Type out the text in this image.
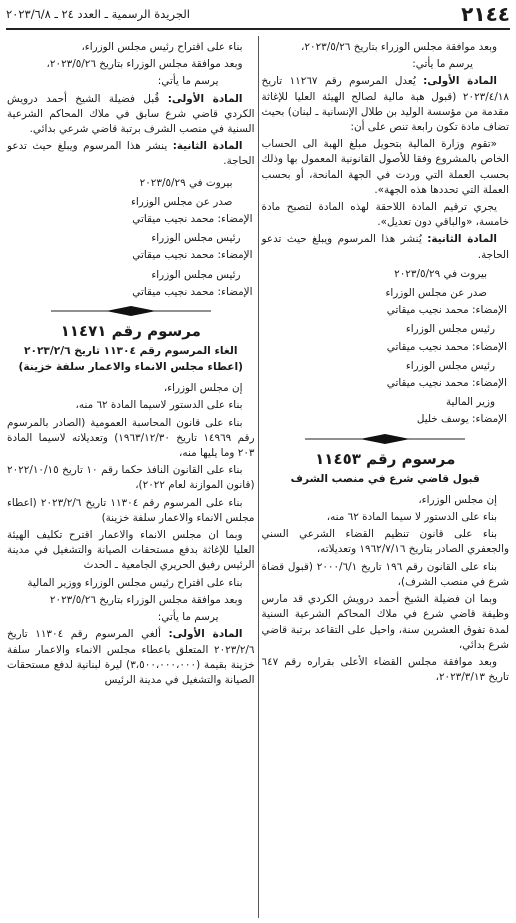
٢١٤٤
الجريدة الرسمية ـ العدد ٢٤ ـ ٢٠٢٣/٦/٨

وبعد موافقة مجلس الوزراء بتاريخ ٢٠٢٣/٥/٢٦،

يرسم ما يأتي:

المادة الأولى: يُعدل المرسوم رقم ١١٢٦٧ تاريخ ٢٠٢٣/٤/١٨ (قبول هبة مالية لصالح الهيئة العليا للإغاثة مقدمة من مؤسسة الوليد بن طلال الإنسانية ـ لبنان) بحيث تضاف مادة تكون رابعة تنص على أن:

«تقوم وزارة المالية بتحويل مبلغ الهبة الى الحساب الخاص بالمشروع وفقا للأصول القانونية المعمول بها وذلك بحسب العملة التي وردت في الجهة المانحة، أو بحسب العملة التي تحددها هذه الجهة».

يجري ترقيم المادة اللاحقة لهذه المادة لتصبح مادة خامسة، «والباقي دون تعديل».

المادة الثانية: يُنشر هذا المرسوم ويبلغ حيث تدعو الحاجة.

بيروت في ٢٠٢٣/٥/٢٩

صدر عن مجلس الوزراء

الإمضاء: محمد نجيب ميقاتي

رئيس مجلس الوزراء

الإمضاء: محمد نجيب ميقاتي

رئيس مجلس الوزراء

الإمضاء: محمد نجيب ميقاتي

وزير المالية

الإمضاء: يوسف خليل

مرسوم رقم ١١٤٥٣

قبول قاضي شرع في منصب الشرف

إن مجلس الوزراء،

بناء على الدستور لا سيما المادة ٦٢ منه،

بناء على قانون تنظيم القضاء الشرعي السني والجعفري الصادر بتاريخ ١٩٦٢/٧/١٦ وتعديلاته،

بناء على القانون رقم ١٩٦ تاريخ ٢٠٠٠/٦/١ (قبول قضاة شرع في منصب الشرف)،

وبما ان فضيلة الشيخ أحمد درويش الكردي قد مارس وظيفة قاضي شرع في ملاك المحاكم الشرعية السنية لمدة تفوق العشرين سنة، واحيل على التقاعد برتبة قاضي شرع بدائي،

وبعد موافقة مجلس القضاء الأعلى بقراره رقم ٦٤٧ تاريخ ٢٠٢٣/٣/١٣،

بناء على اقتراح رئيس مجلس الوزراء،

وبعد موافقة مجلس الوزراء بتاريخ ٢٠٢٣/٥/٢٦،

يرسم ما يأتي:

المادة الأولى: قُبل فضيلة الشيخ أحمد درويش الكردي قاضي شرع سابق في ملاك المحاكم الشرعية السنية في منصب الشرف برتبة قاضي شرعي بدائي.

المادة الثانية: ينشر هذا المرسوم ويبلغ حيث تدعو الحاجة.

بيروت في ٢٠٢٣/٥/٢٩

صدر عن مجلس الوزراء

الإمضاء: محمد نجيب ميقاتي

رئيس مجلس الوزراء

الإمضاء: محمد نجيب ميقاتي

رئيس مجلس الوزراء

الإمضاء: محمد نجيب ميقاتي

مرسوم رقم ١١٤٧١

الغاء المرسوم رقم ١١٣٠٤ تاريخ ٢٠٢٣/٢/٦

(اعطاء مجلس الانماء والاعمار سلفة خزينة)

إن مجلس الوزراء،

بناء على الدستور لاسيما المادة ٦٢ منه،

بناء على قانون المحاسبة العمومية (الصادر بالمرسوم رقم ١٤٩٦٩ تاريخ ١٩٦٣/١٢/٣٠) وتعديلاته لاسيما المادة ٢٠٣ وما يليها منه،

بناء على القانون النافذ حكما رقم ١٠ تاريخ ٢٠٢٢/١٠/١٥ (قانون الموازنة لعام ٢٠٢٢)،

بناء على المرسوم رقم ١١٣٠٤ تاريخ ٢٠٢٣/٢/٦ (اعطاء مجلس الانماء والاعمار سلفة خزينة)

وبما ان مجلس الانماء والاعمار اقترح تكليف الهيئة العليا للإغاثة بدفع مستحقات الصيانة والتشغيل في مدينة الرئيس رفيق الحريري الجامعية ـ الحدث

بناء على اقتراح رئيس مجلس الوزراء ووزير المالية

وبعد موافقة مجلس الوزراء بتاريخ ٢٠٢٣/٥/٢٦

يرسم ما يأتي:

المادة الأولى: ألغي المرسوم رقم ١١٣٠٤ تاريخ ٢٠٢٣/٢/٦ المتعلق باعطاء مجلس الانماء والاعمار سلفة خزينة بقيمة (٣،٥٠٠،٠٠٠،٠٠٠) ليرة لبنانية لدفع مستحقات الصيانة والتشغيل في مدينة الرئيس
